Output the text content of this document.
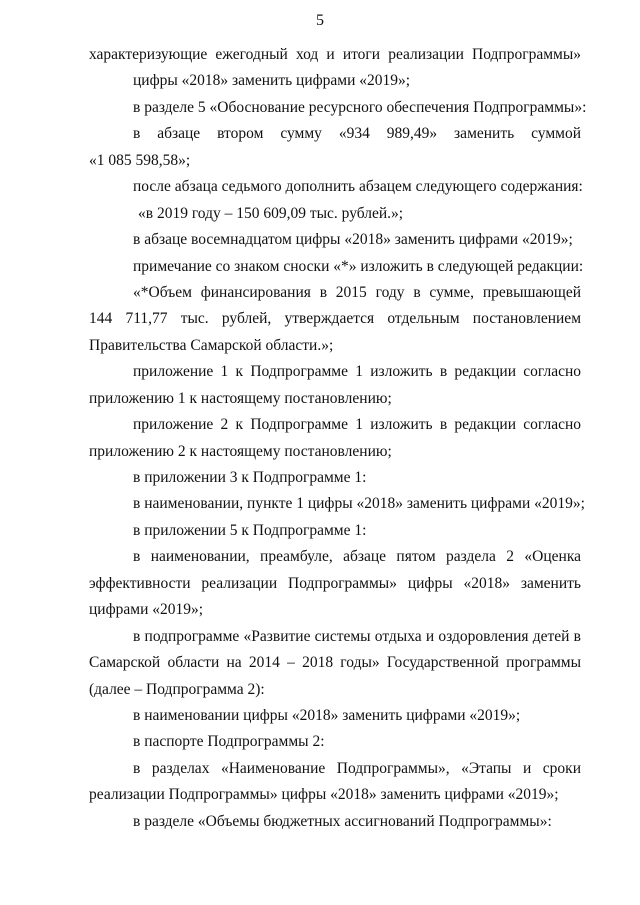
5
характеризующие ежегодный ход и итоги реализации Подпрограммы»
цифры «2018» заменить цифрами «2019»;
в разделе 5 «Обоснование ресурсного обеспечения Подпрограммы»:
в абзаце втором сумму «934 989,49» заменить суммой
«1 085 598,58»;
после абзаца седьмого дополнить абзацем следующего содержания:
«в 2019 году – 150 609,09 тыс. рублей.»;
в абзаце восемнадцатом цифры «2018» заменить цифрами «2019»;
примечание со знаком сноски «*» изложить в следующей редакции:
«*Объем финансирования в 2015 году в сумме, превышающей
144 711,77 тыс. рублей, утверждается отдельным постановлением
Правительства Самарской области.»;
приложение 1 к Подпрограмме 1 изложить в редакции согласно
приложению 1 к настоящему постановлению;
приложение 2 к Подпрограмме 1 изложить в редакции согласно
приложению 2 к настоящему постановлению;
в приложении 3 к Подпрограмме 1:
в наименовании, пункте 1 цифры «2018» заменить цифрами «2019»;
в приложении 5 к Подпрограмме 1:
в наименовании, преамбуле, абзаце пятом раздела 2 «Оценка
эффективности реализации Подпрограммы» цифры «2018» заменить
цифрами «2019»;
в подпрограмме «Развитие системы отдыха и оздоровления детей в
Самарской области на 2014 – 2018 годы» Государственной программы
(далее – Подпрограмма 2):
в наименовании цифры «2018» заменить цифрами «2019»;
в паспорте Подпрограммы 2:
в разделах «Наименование Подпрограммы», «Этапы и сроки
реализации Подпрограммы» цифры «2018» заменить цифрами «2019»;
в разделе «Объемы бюджетных ассигнований Подпрограммы»:
